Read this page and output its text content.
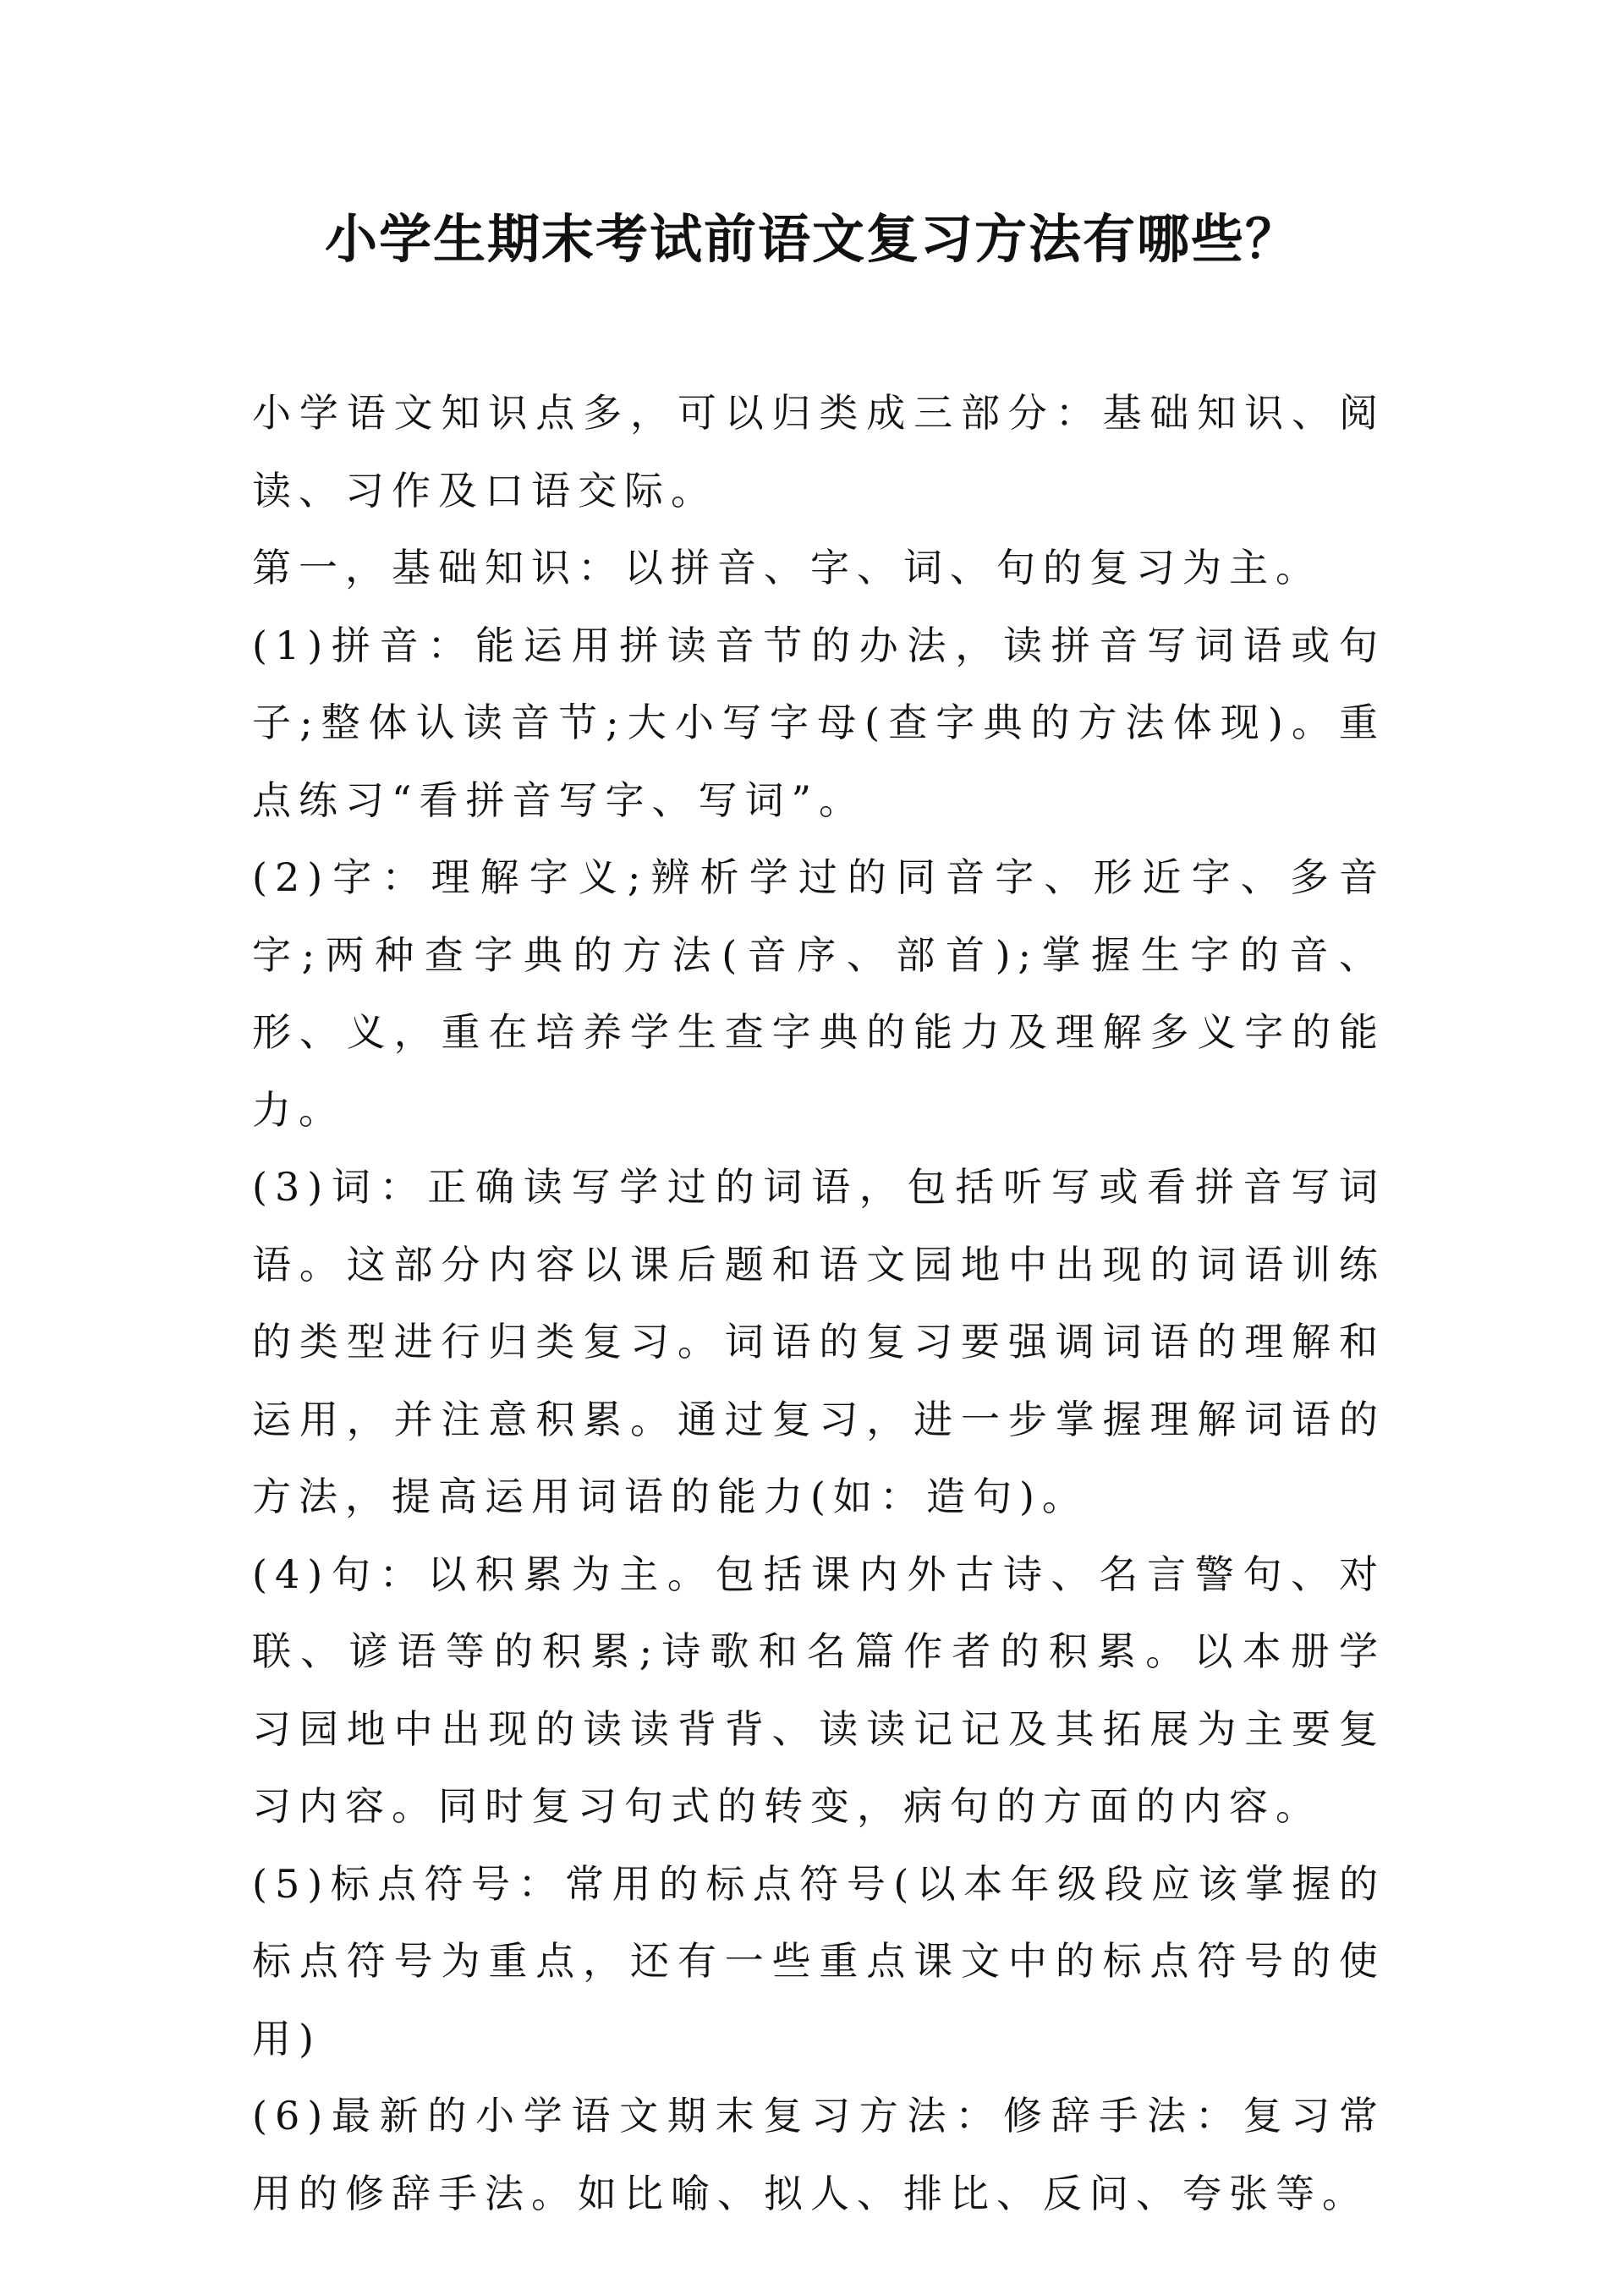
小学生期末考试前语文复习方法有哪些？

小学语文知识点多，可以归类成三部分：基础知识、阅读、习作及口语交际。

第一，基础知识：以拼音、字、词、句的复习为主。

(1)拼音：能运用拼读音节的办法，读拼音写词语或句子;整体认读音节;大小写字母(查字典的方法体现)。重点练习“看拼音写字、写词”。

(2)字：理解字义;辨析学过的同音字、形近字、多音字;两种查字典的方法(音序、部首);掌握生字的音、形、义，重在培养学生查字典的能力及理解多义字的能力。

(3)词：正确读写学过的词语，包括听写或看拼音写词语。这部分内容以课后题和语文园地中出现的词语训练的类型进行归类复习。词语的复习要强调词语的理解和运用，并注意积累。通过复习，进一步掌握理解词语的方法，提高运用词语的能力(如：造句)。

(4)句：以积累为主。包括课内外古诗、名言警句、对联、谚语等的积累;诗歌和名篇作者的积累。以本册学习园地中出现的读读背背、读读记记及其拓展为主要复习内容。同时复习句式的转变，病句的方面的内容。

(5)标点符号：常用的标点符号(以本年级段应该掌握的标点符号为重点，还有一些重点课文中的标点符号的使用)

(6)最新的小学语文期末复习方法：修辞手法：复习常用的修辞手法。如比喻、拟人、排比、反问、夸张等。
